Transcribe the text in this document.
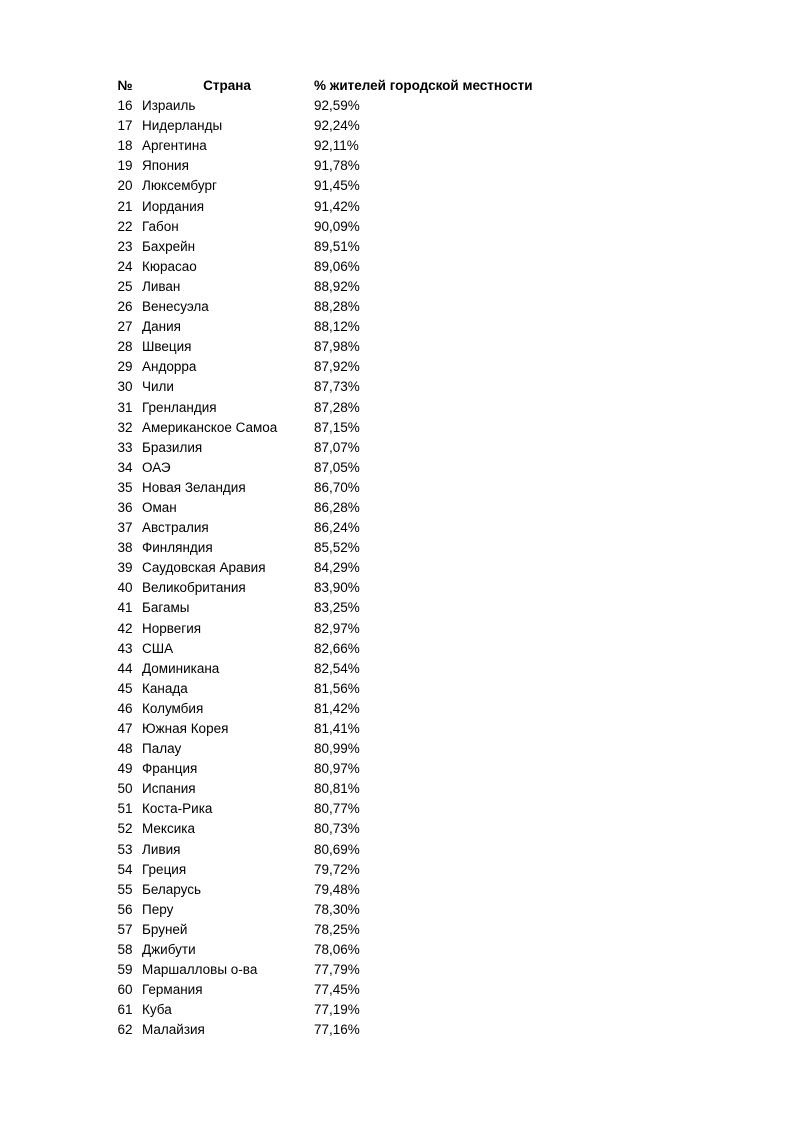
№	Страна	% жителей городской местности
16 Израиль	92,59%
17 Нидерланды	92,24%
18 Аргентина	92,11%
19 Япония	91,78%
20 Люксембург	91,45%
21 Иордания	91,42%
22 Габон	90,09%
23 Бахрейн	89,51%
24 Кюрасао	89,06%
25 Ливан	88,92%
26 Венесуэла	88,28%
27 Дания	88,12%
28 Швеция	87,98%
29 Андорра	87,92%
30 Чили	87,73%
31 Гренландия	87,28%
32 Американское Самоа	87,15%
33 Бразилия	87,07%
34 ОАЭ	87,05%
35 Новая Зеландия	86,70%
36 Оман	86,28%
37 Австралия	86,24%
38 Финляндия	85,52%
39 Саудовская Аравия	84,29%
40 Великобритания	83,90%
41 Багамы	83,25%
42 Норвегия	82,97%
43 США	82,66%
44 Доминикана	82,54%
45 Канада	81,56%
46 Колумбия	81,42%
47 Южная Корея	81,41%
48 Палау	80,99%
49 Франция	80,97%
50 Испания	80,81%
51 Коста-Рика	80,77%
52 Мексика	80,73%
53 Ливия	80,69%
54 Греция	79,72%
55 Беларусь	79,48%
56 Перу	78,30%
57 Бруней	78,25%
58 Джибути	78,06%
59 Маршалловы о-ва	77,79%
60 Германия	77,45%
61 Куба	77,19%
62 Малайзия	77,16%
